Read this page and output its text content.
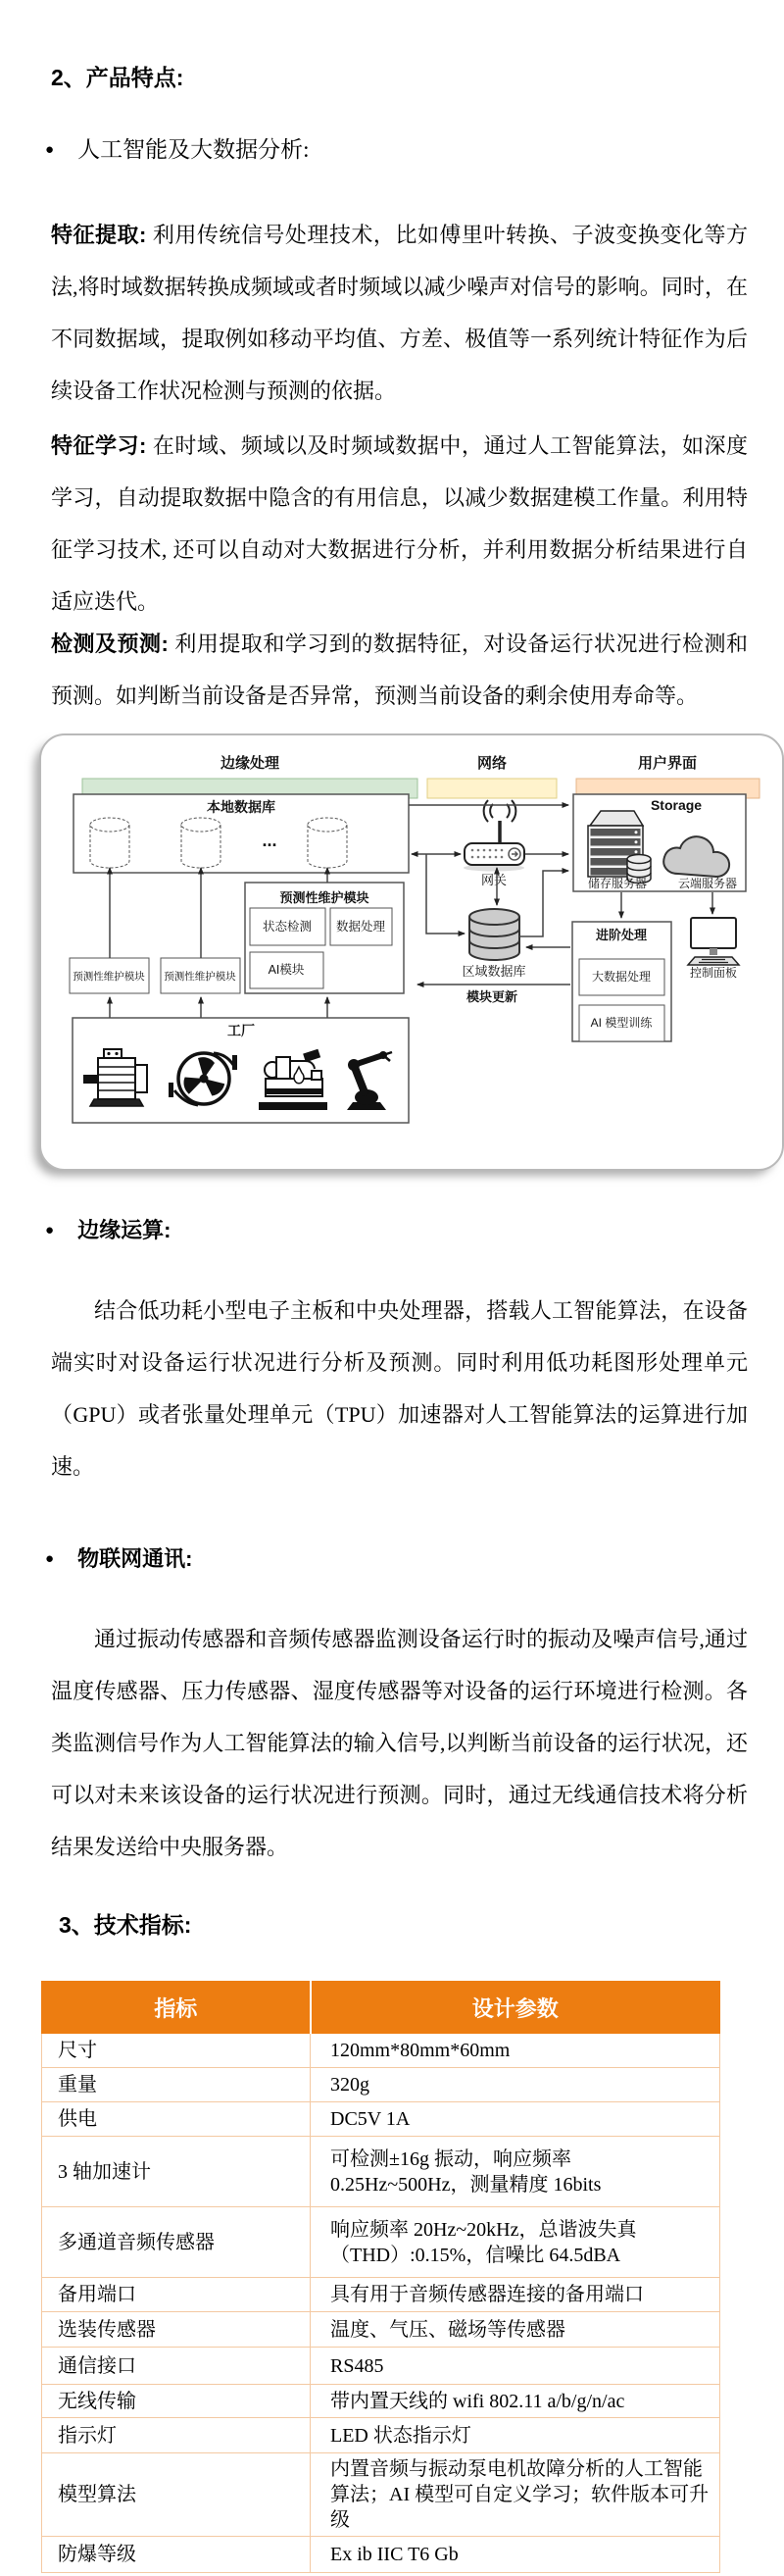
2、产品特点:
● 人工智能及大数据分析:
特征提取: 利用传统信号处理技术，比如傅里叶转换、子波变换变化等方法,将时域数据转换成频域或者时频域以减少噪声对信号的影响。同时，在不同数据域，提取例如移动平均值、方差、极值等一系列统计特征作为后续设备工作状况检测与预测的依据。
特征学习: 在时域、频域以及时频域数据中，通过人工智能算法，如深度学习，自动提取数据中隐含的有用信息，以减少数据建模工作量。利用特征学习技术, 还可以自动对大数据进行分析，并利用数据分析结果进行自适应迭代。
检测及预测: 利用提取和学习到的数据特征，对设备运行状况进行检测和预测。如判断当前设备是否异常，预测当前设备的剩余使用寿命等。
边缘处理	网络	用户界面
本地数据库
...
预测性维护模块
状态检测 数据处理
AI模块
预测性维护模块 预测性维护模块
工厂
网关
区域数据库
Storage
储存服务器	云端服务器
进阶处理
大数据处理
AI 模型训练
控制面板
模块更新
● 边缘运算:
结合低功耗小型电子主板和中央处理器，搭载人工智能算法，在设备端实时对设备运行状况进行分析及预测。同时利用低功耗图形处理单元（GPU）或者张量处理单元（TPU）加速器对人工智能算法的运算进行加速。
● 物联网通讯:
通过振动传感器和音频传感器监测设备运行时的振动及噪声信号,通过温度传感器、压力传感器、湿度传感器等对设备的运行环境进行检测。各类监测信号作为人工智能算法的输入信号,以判断当前设备的运行状况，还可以对未来该设备的运行状况进行预测。同时，通过无线通信技术将分析结果发送给中央服务器。
3、技术指标:
指标	设计参数
尺寸	120mm*80mm*60mm
重量	320g
供电	DC5V 1A
3 轴加速计	可检测±16g 振动，响应频率 0.25Hz~500Hz，测量精度 16bits
多通道音频传感器	响应频率 20Hz~20kHz，总谐波失真（THD）:0.15%，信噪比 64.5dBA
备用端口	具有用于音频传感器连接的备用端口
选装传感器	温度、气压、磁场等传感器
通信接口	RS485
无线传输	带内置天线的 wifi 802.11 a/b/g/n/ac
指示灯	LED 状态指示灯
模型算法	内置音频与振动泵电机故障分析的人工智能算法；AI 模型可自定义学习；软件版本可升级
防爆等级	Ex ib IIC T6 Gb
